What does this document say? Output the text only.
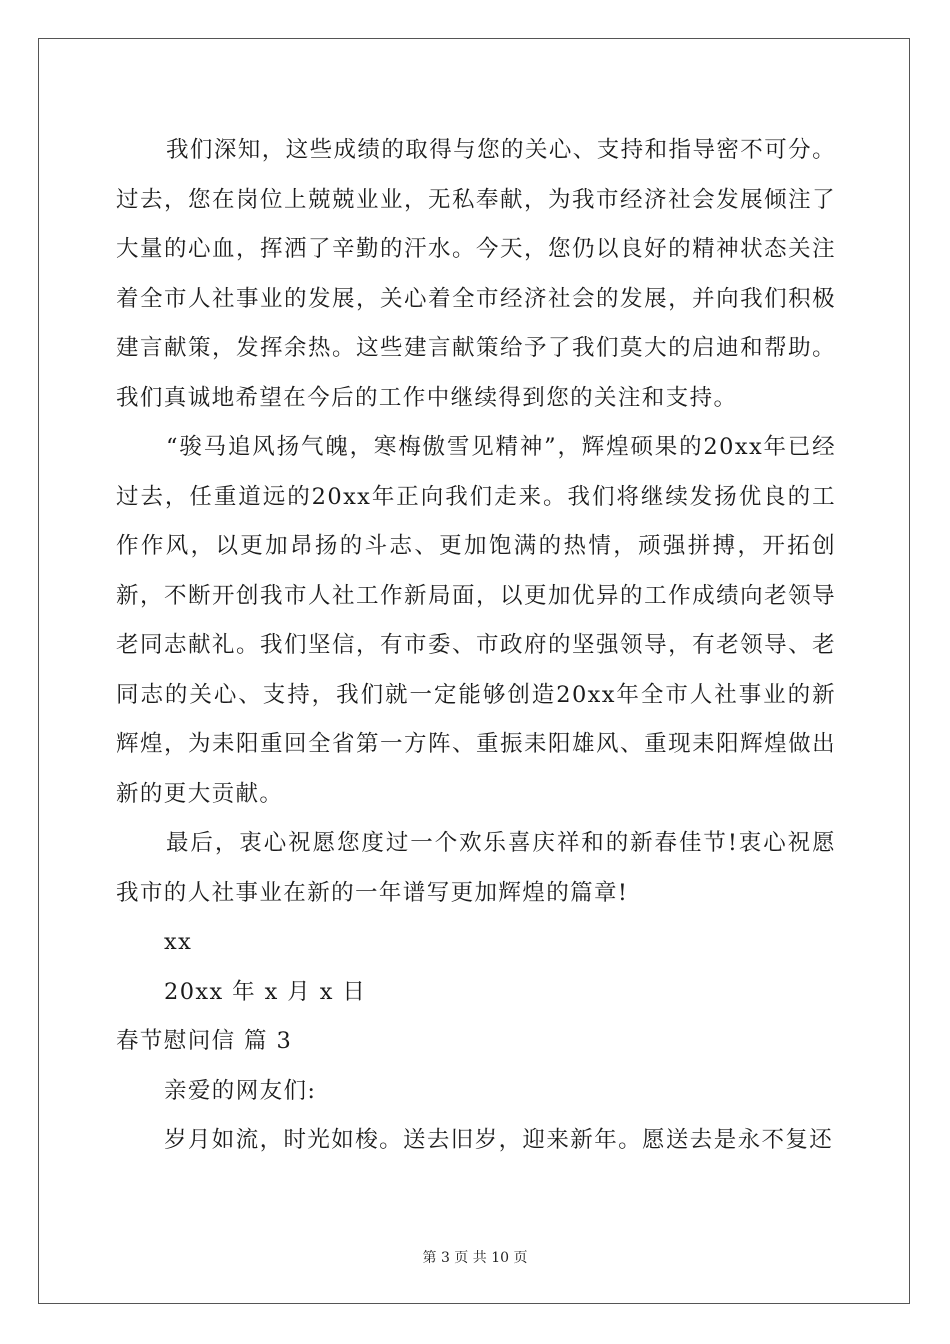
我们深知，这些成绩的取得与您的关心、支持和指导密不可分。过去，您在岗位上兢兢业业，无私奉献，为我市经济社会发展倾注了大量的心血，挥洒了辛勤的汗水。今天，您仍以良好的精神状态关注着全市人社事业的发展，关心着全市经济社会的发展，并向我们积极建言献策，发挥余热。这些建言献策给予了我们莫大的启迪和帮助。我们真诚地希望在今后的工作中继续得到您的关注和支持。

“骏马追风扬气魄，寒梅傲雪见精神”，辉煌硕果的20xx年已经过去，任重道远的20xx年正向我们走来。我们将继续发扬优良的工作作风，以更加昂扬的斗志、更加饱满的热情，顽强拼搏，开拓创新，不断开创我市人社工作新局面，以更加优异的工作成绩向老领导老同志献礼。我们坚信，有市委、市政府的坚强领导，有老领导、老同志的关心、支持，我们就一定能够创造20xx年全市人社事业的新辉煌，为耒阳重回全省第一方阵、重振耒阳雄风、重现耒阳辉煌做出新的更大贡献。

最后，衷心祝愿您度过一个欢乐喜庆祥和的新春佳节!衷心祝愿我市的人社事业在新的一年谱写更加辉煌的篇章!

xx

20xx 年 x 月 x 日

春节慰问信 篇 3

亲爱的网友们:

岁月如流，时光如梭。送去旧岁，迎来新年。愿送去是永不复还

第 3 页 共 10 页
